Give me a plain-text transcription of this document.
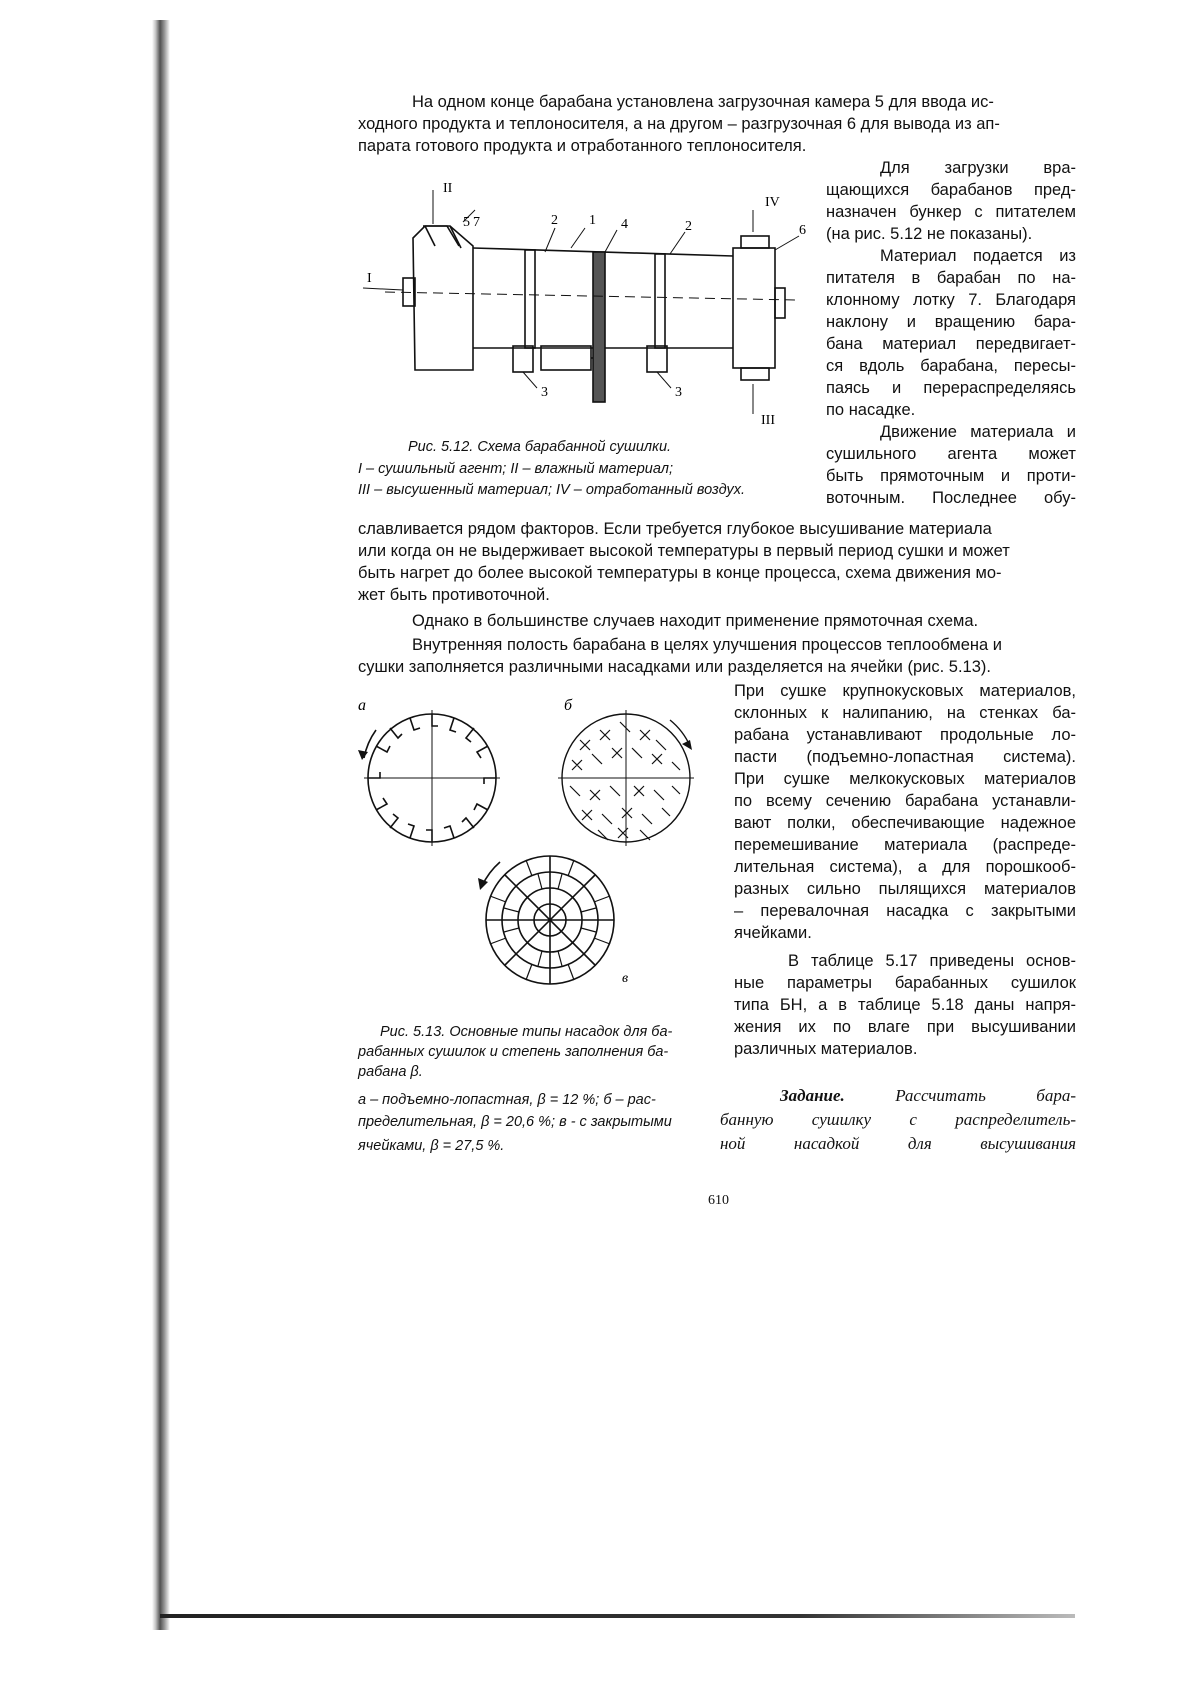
На одном конце барабана установлена загрузочная камера 5 для ввода ис-
ходного продукта и теплоносителя, а на другом – разгрузочная 6 для вывода из ап-
парата готового продукта и отработанного теплоносителя.
Для загрузки вра-
щающихся барабанов пред-
назначен бункер с питателем
(на рис. 5.12 не показаны).
Материал подается из
питателя в барабан по на-
клонному лотку 7. Благодаря
наклону и вращению бара-
бана материал передвигает-
ся вдоль барабана, пересы-
паясь и перераспределяясь
по насадке.
Движение материала и
сушильного агента может
быть прямоточным и проти-
воточным. Последнее обу-
II
5 7	2 1 4	2
IV
6
I
3	3
III
Рис. 5.12. Схема барабанной сушилки.
I – сушильный агент; II – влажный материал;
III – высушенный материал; IV – отработанный воздух.
славливается рядом факторов. Если требуется глубокое высушивание материала
или когда он не выдерживает высокой температуры в первый период сушки и может
быть нагрет до более высокой температуры в конце процесса, схема движения мо-
жет быть противоточной.
Однако в большинстве случаев находит применение прямоточная схема.
Внутренняя полость барабана в целях улучшения процессов теплообмена и
сушки заполняется различными насадками или разделяется на ячейки (рис. 5.13).
При сушке крупнокусковых материалов,
склонных к налипанию, на стенках ба-
рабана устанавливают продольные ло-
пасти (подъемно-лопастная система).
При сушке мелкокусковых материалов
по всему сечению барабана устанавли-
вают полки, обеспечивающие надежное
перемешивание материала (распреде-
лительная система), а для порошкооб-
разных сильно пылящихся материалов
– перевалочная насадка с закрытыми
ячейками.
В таблице 5.17 приведены основ-
ные параметры барабанных сушилок
типа БН, а в таблице 5.18 даны напря-
жения их по влаге при высушивании
различных материалов.
а	б
в
Рис. 5.13. Основные типы насадок для ба-
рабанных сушилок и степень заполнения ба-
рабана β.
а – подъемно-лопастная, β = 12 %; б – рас-
пределительная, β = 20,6 %; в - с закрытыми
ячейками, β = 27,5 %.
Задание.	Рассчитать бара-
банную сушилку с распределитель-
ной насадкой для высушивания
610
